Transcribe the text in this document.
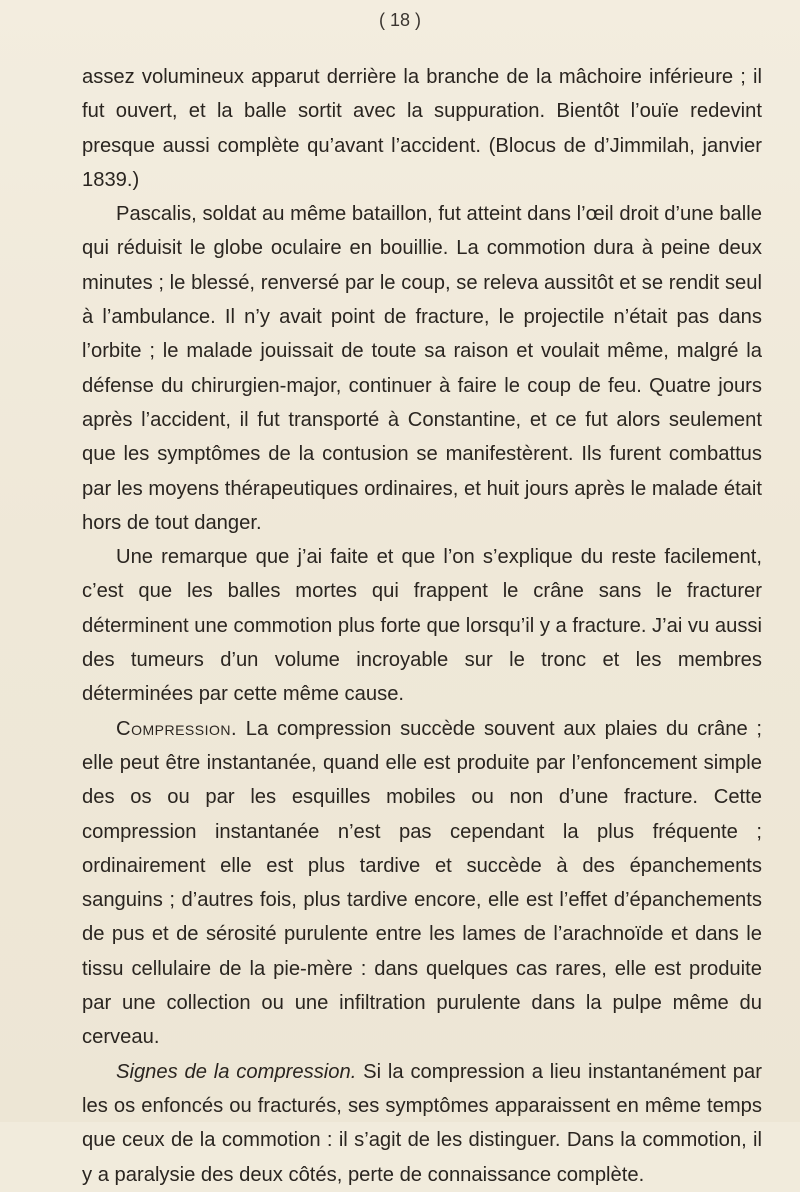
( 18 )

assez volumineux apparut derrière la branche de la mâchoire inférieure ; il fut ouvert, et la balle sortit avec la suppuration. Bientôt l’ouïe redevint presque aussi complète qu’avant l’accident. (Blocus de d’Jimmilah, janvier 1839.)

Pascalis, soldat au même bataillon, fut atteint dans l’œil droit d’une balle qui réduisit le globe oculaire en bouillie. La commotion dura à peine deux minutes ; le blessé, renversé par le coup, se releva aussitôt et se rendit seul à l’ambulance. Il n’y avait point de fracture, le projectile n’était pas dans l’orbite ; le malade jouissait de toute sa raison et voulait même, malgré la défense du chirurgien-major, continuer à faire le coup de feu. Quatre jours après l’accident, il fut transporté à Constantine, et ce fut alors seulement que les symptômes de la contusion se manifestèrent. Ils furent combattus par les moyens thérapeutiques ordinaires, et huit jours après le malade était hors de tout danger.

Une remarque que j’ai faite et que l’on s’explique du reste facilement, c’est que les balles mortes qui frappent le crâne sans le fracturer déterminent une commotion plus forte que lorsqu’il y a fracture. J’ai vu aussi des tumeurs d’un volume incroyable sur le tronc et les membres déterminées par cette même cause.

Compression. La compression succède souvent aux plaies du crâne ; elle peut être instantanée, quand elle est produite par l’enfoncement simple des os ou par les esquilles mobiles ou non d’une fracture. Cette compression instantanée n’est pas cependant la plus fréquente ; ordinairement elle est plus tardive et succède à des épanchements sanguins ; d’autres fois, plus tardive encore, elle est l’effet d’épanchements de pus et de sérosité purulente entre les lames de l’arachnoïde et dans le tissu cellulaire de la pie-mère : dans quelques cas rares, elle est produite par une collection ou une infiltration purulente dans la pulpe même du cerveau.

Signes de la compression. Si la compression a lieu instantanément par les os enfoncés ou fracturés, ses symptômes apparaissent en même temps que ceux de la commotion : il s’agit de les distinguer. Dans la commotion, il y a paralysie des deux côtés, perte de connaissance complète.
